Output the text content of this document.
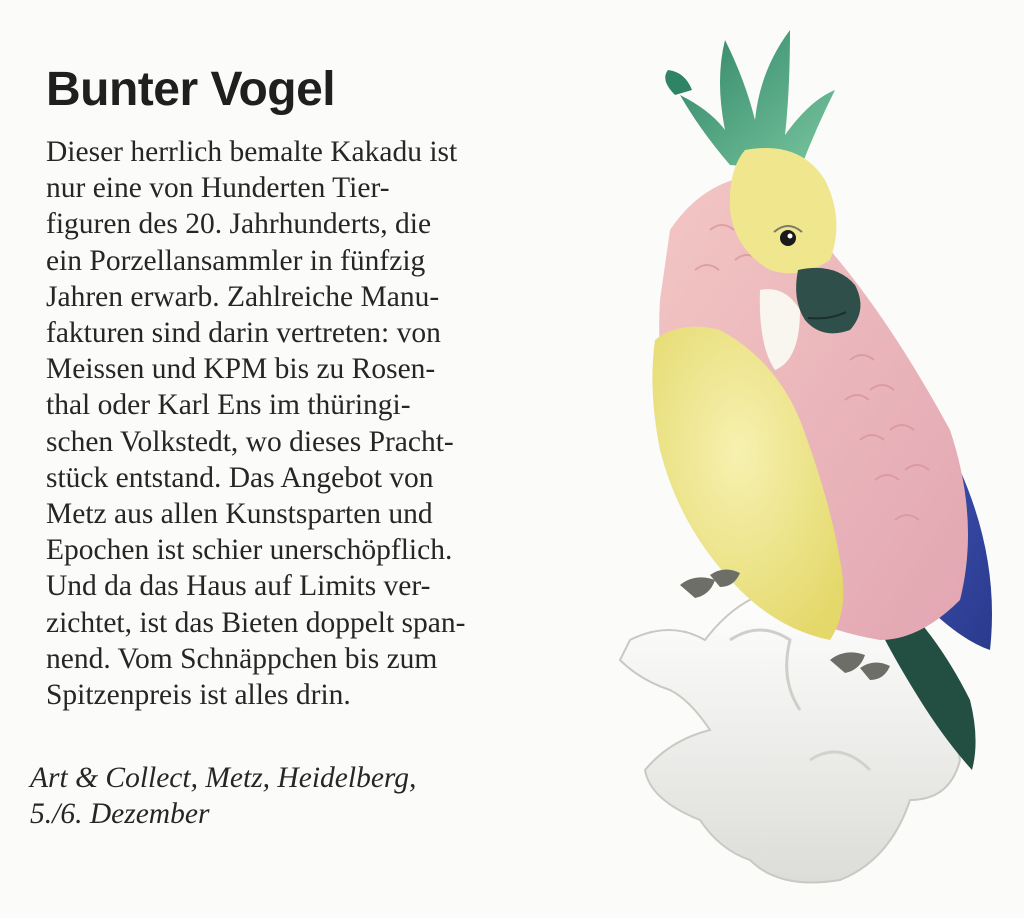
Bunter Vogel
Dieser herrlich bemalte Kakadu ist
nur eine von Hunderten Tier-
figuren des 20. Jahrhunderts, die
ein Porzellansammler in fünfzig
Jahren erwarb. Zahlreiche Manu-
fakturen sind darin vertreten: von
Meissen und KPM bis zu Rosen-
thal oder Karl Ens im thüringi-
schen Volkstedt, wo dieses Pracht-
stück entstand. Das Angebot von
Metz aus allen Kunstsparten und
Epochen ist schier unerschöpflich.
Und da das Haus auf Limits ver-
zichtet, ist das Bieten doppelt span-
nend. Vom Schnäppchen bis zum
Spitzenpreis ist alles drin.
Art & Collect, Metz, Heidelberg,
5./6. Dezember
